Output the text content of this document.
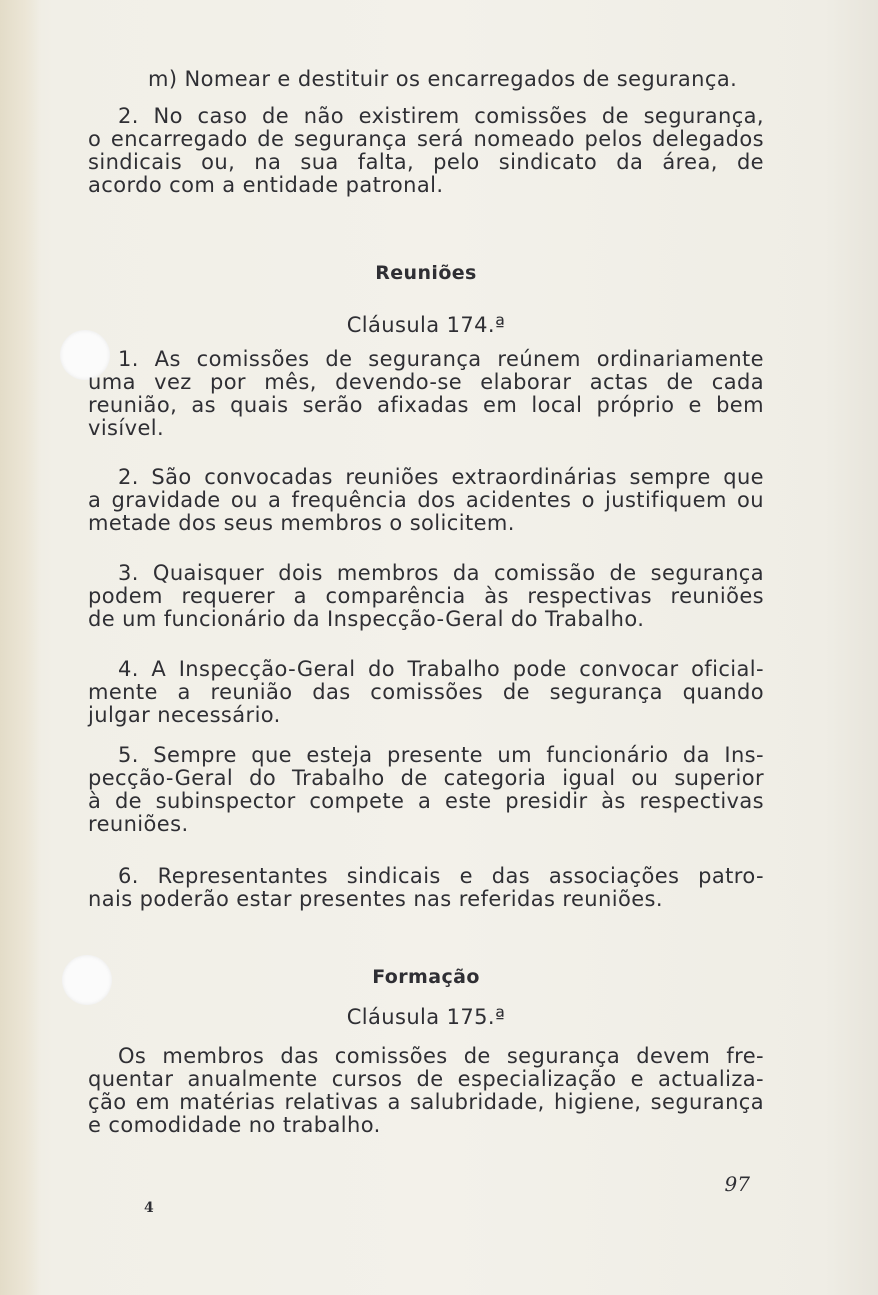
m) Nomear e destituir os encarregados de segurança.
2. No caso de não existirem comissões de segurança,
o encarregado de segurança será nomeado pelos delegados
sindicais ou, na sua falta, pelo sindicato da área, de
acordo com a entidade patronal.
Reuniões
Cláusula 174.ª
1. As comissões de segurança reúnem ordinariamente
uma vez por mês, devendo-se elaborar actas de cada
reunião, as quais serão afixadas em local próprio e bem
visível.
2. São convocadas reuniões extraordinárias sempre que
a gravidade ou a frequência dos acidentes o justifiquem ou
metade dos seus membros o solicitem.
3. Quaisquer dois membros da comissão de segurança
podem requerer a comparência às respectivas reuniões
de um funcionário da Inspecção-Geral do Trabalho.
4. A Inspecção-Geral do Trabalho pode convocar oficial-
mente a reunião das comissões de segurança quando
julgar necessário.
5. Sempre que esteja presente um funcionário da Ins-
pecção-Geral do Trabalho de categoria igual ou superior
à de subinspector compete a este presidir às respectivas
reuniões.
6. Representantes sindicais e das associações patro-
nais poderão estar presentes nas referidas reuniões.
Formação
Cláusula 175.ª
Os membros das comissões de segurança devem fre-
quentar anualmente cursos de especialização e actualiza-
ção em matérias relativas a salubridade, higiene, segurança
e comodidade no trabalho.
97
4
